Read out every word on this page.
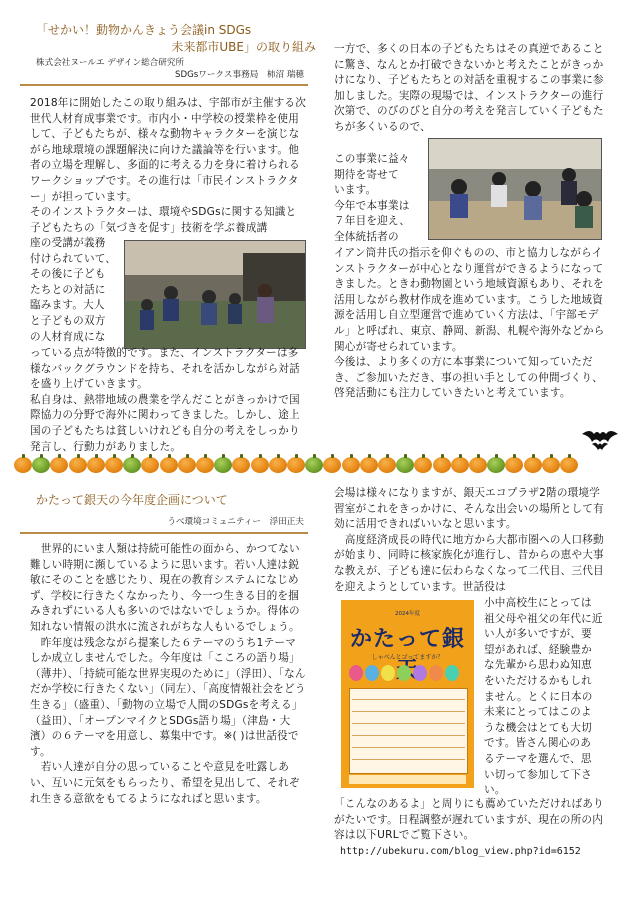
「せかい！動物かんきょう会議in SDGs
未来都市UBE」の取り組み
株式会社ヌールエ デザイン総合研究所
SDGsワークス事務局　柿沼 瑞穂

2018年に開始したこの取り組みは、宇部市が主催する次世代人材育成事業です。市内小・中学校の授業枠を使用して、子どもたちが、様々な動物キャラクターを演じながら地球環境の課題解決に向けた議論等を行います。他者の立場を理解し、多面的に考える力を身に着けられるワークショップです。その進行は「市民インストラクター」が担っています。

そのインストラクターは、環境やSDGsに関する知識と子どもたちの「気づきを促す」技術を学ぶ養成講

座の受講が義務
付けられていて、
その後に子ども
たちとの対話に
臨みます。大人
と子どもの双方
の人材育成にな

っている点が特徴的です。また、インストラクターは多様なバックグラウンドを持ち、それを活かしながら対話を盛り上げていきます。

私自身は、熱帯地域の農業を学んだことがきっかけで国際協力の分野で海外に関わってきました。しかし、途上国の子どもたちは貧しいけれども自分の考えをしっかり発言し、行動力がありました。

一方で、多くの日本の子どもたちはその真逆であることに驚き、なんとか打破できないかと考えたことがきっかけになり、子どもたちとの対話を重視するこの事業に参加しました。実際の現場では、インストラクターの進行次第で、のびのびと自分の考えを発言していく子どもたちが多くいるので、

この事業に益々
期待を寄せて
います。
今年で本事業は
７年目を迎え、
全体統括者の

イアン筒井氏の指示を仰ぐものの、市と協力しながらインストラクターが中心となり運営ができるようになってきました。ときわ動物園という地域資源もあり、それを活用しながら教材作成を進めています。こうした地域資源を活用し自立型運営で進めていく方法は、「宇部モデル」と呼ばれ、東京、静岡、新潟、札幌や海外などから関心が寄せられています。

今後は、より多くの方に本事業について知っていただき、ご参加いただき、事の担い手としての仲間づくり、啓発活動にも注力していきたいと考えています。

かたって銀天の今年度企画について
うべ環境コミュニティー　浮田正夫
　世界的にいま人類は持続可能性の面から、かつてない難しい時期に瀕しているように思います。若い人達は鋭敏にそのことを感じたり、現在の教育システムになじめず、学校に行きたくなかったり、今一つ生きる目的を掴みきれずにいる人も多いのではないでしょうか。得体の知れない情報の洪水に流されがちな人もいるでしょう。
　昨年度は残念ながら提案した６テーマのうち1テーマしか成立しませんでした。今年度は「こころの語り場」（薄井）、「持続可能な世界実現のために」（浮田）、「なんだか学校に行きたくない」（同左）、「高度情報社会をどう生きる」（盛重）、「動物の立場で人間のSDGsを考える」（益田）、「オープンマイクとSDGs語り場」（津島・大濱）の６テーマを用意し、募集中です。※( )は世話役です。
　若い人達が自分の思っていることや意見を吐露しあい、互いに元気をもらったり、希望を見出して、それぞれ生きる意欲をもてるようになればと思います。
会場は様々になりますが、銀天エコプラザ2階の環境学習室がこれをきっかけに、そんな出会いの場所として有効に活用できればいいなと思います。
　高度経済成長の時代に地方から大都市圏への人口移動が始まり、同時に核家族化が進行し、昔からの恵や大事な教えが、子ども達に伝わらなくなって二代目、三代目を迎えようとしています。世話役は
2024年度
かたって銀
しゃべんとゴってますか？
小中高校生にとっては
祖父母や祖父の年代に近
い人が多いですが、要
望があれば、経験豊か
な先輩から思わぬ知恵
をいただけるかもしれ
ません。とくに日本の
未来にとってはこのよ
うな機会はとても大切
です。皆さん関心のあ
るテーマを選んで、思
い切って参加して下さ
い。
「こんなのあるよ」と周りにも薦めていただければありがたいです。日程調整が遅れていますが、現在の所の内容は以下URLでご覧下さい。
http://ubekuru.com/blog_view.php?id=6152
